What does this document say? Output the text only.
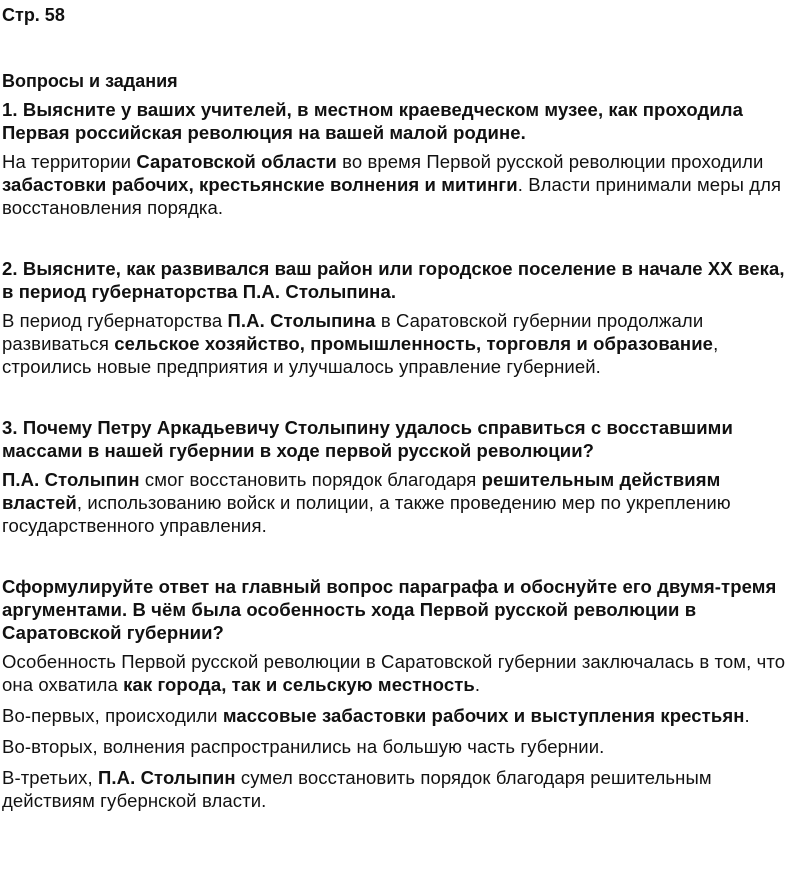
Стр. 58
Вопросы и задания
1. Выясните у ваших учителей, в местном краеведческом музее, как проходила Первая российская революция на вашей малой родине.

На территории Саратовской области во время Первой русской революции проходили забастовки рабочих, крестьянские волнения и митинги. Власти принимали меры для восстановления порядка.

2. Выясните, как развивался ваш район или городское поселение в начале XX века, в период губернаторства П.А. Столыпина.

В период губернаторства П.А. Столыпина в Саратовской губернии продолжали развиваться сельское хозяйство, промышленность, торговля и образование, строились новые предприятия и улучшалось управление губернией.

3. Почему Петру Аркадьевичу Столыпину удалось справиться с восставшими массами в нашей губернии в ходе первой русской революции?

П.А. Столыпин смог восстановить порядок благодаря решительным действиям властей, использованию войск и полиции, а также проведению мер по укреплению государственного управления.

Сформулируйте ответ на главный вопрос параграфа и обоснуйте его двумя-тремя аргументами. В чём была особенность хода Первой русской революции в Саратовской губернии?

Особенность Первой русской революции в Саратовской губернии заключалась в том, что она охватила как города, так и сельскую местность.

Во-первых, происходили массовые забастовки рабочих и выступления крестьян.

Во-вторых, волнения распространились на большую часть губернии.

В-третьих, П.А. Столыпин сумел восстановить порядок благодаря решительным действиям губернской власти.
